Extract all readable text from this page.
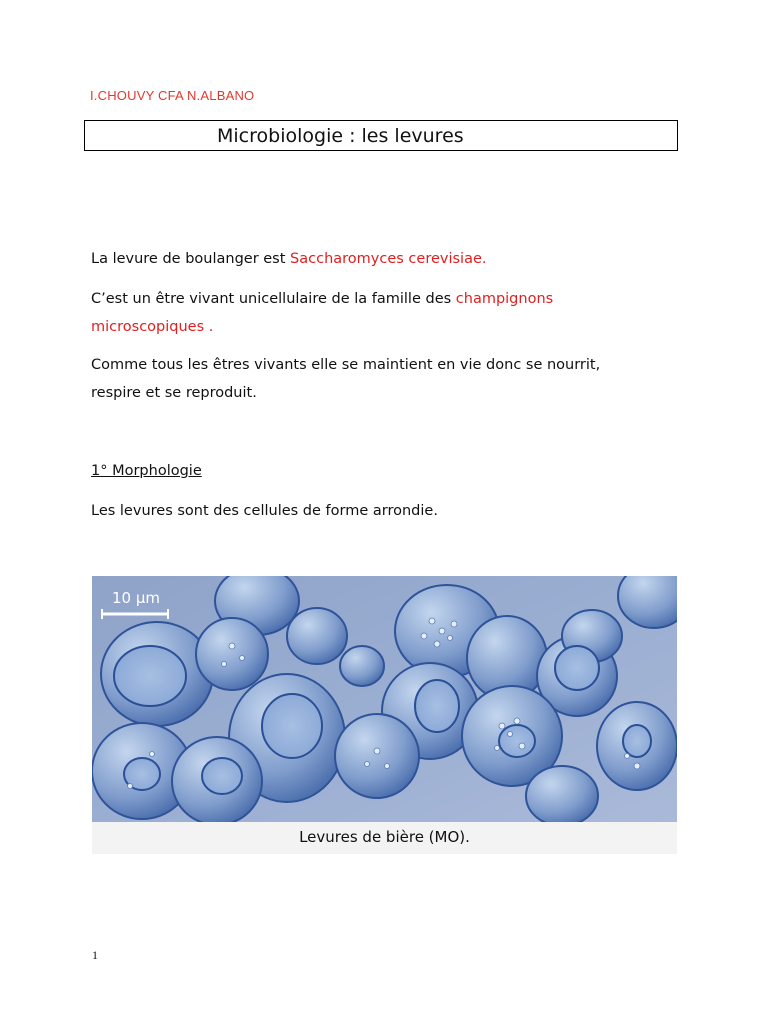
I.CHOUVY CFA N.ALBANO
Microbiologie : les levures
La levure de boulanger est Saccharomyces cerevisiae.
C’est un être vivant unicellulaire de la famille des champignons microscopiques .
Comme tous les êtres vivants elle se maintient en vie donc se nourrit,
respire et se reproduit.
1° Morphologie
Les levures sont des cellules de forme arrondie.
10 µm
Levures de bière (MO).
1
